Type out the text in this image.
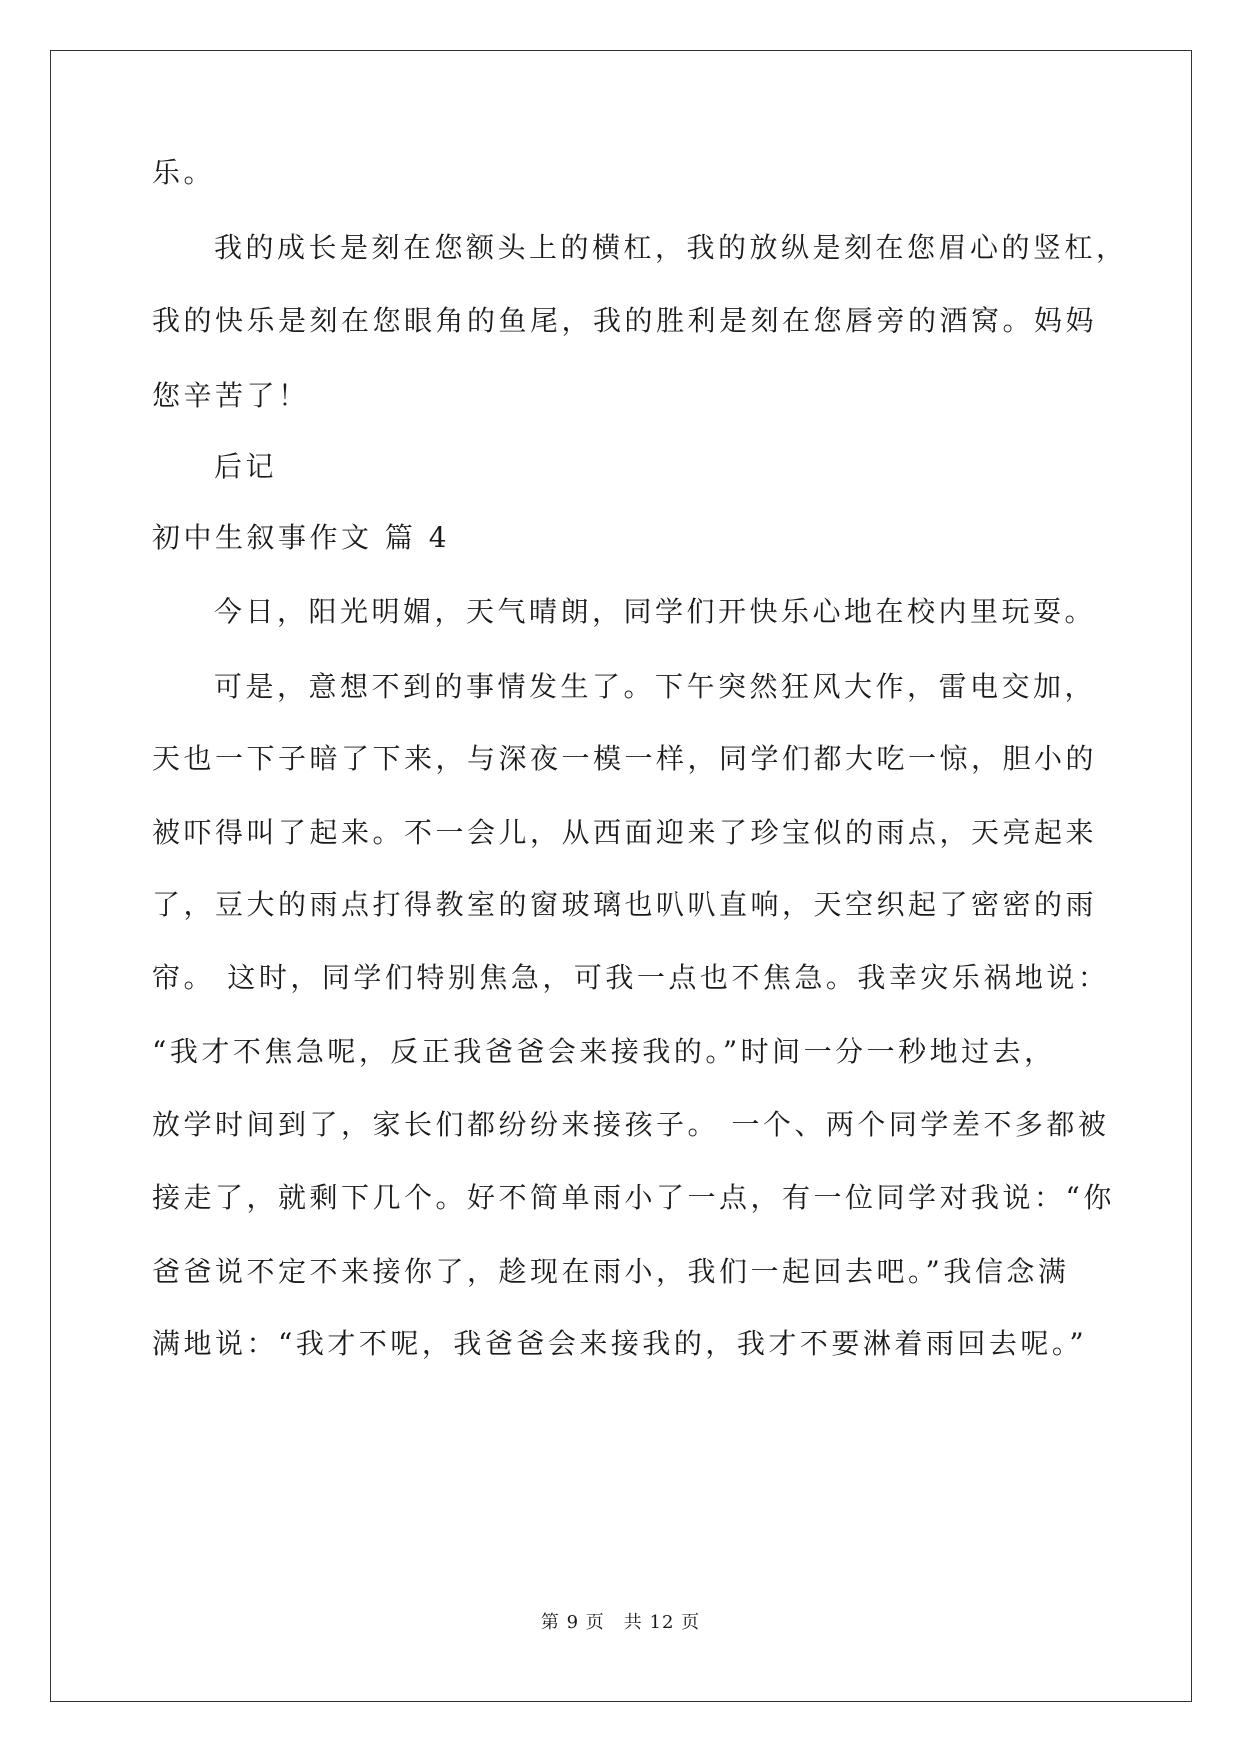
乐。
我的成长是刻在您额头上的横杠，我的放纵是刻在您眉心的竖杠，
我的快乐是刻在您眼角的鱼尾，我的胜利是刻在您唇旁的酒窝。妈妈
您辛苦了！
后记
初中生叙事作文 篇 4
今日，阳光明媚，天气晴朗，同学们开快乐心地在校内里玩耍。
可是，意想不到的事情发生了。下午突然狂风大作，雷电交加，
天也一下子暗了下来，与深夜一模一样，同学们都大吃一惊，胆小的
被吓得叫了起来。不一会儿，从西面迎来了珍宝似的雨点，天亮起来
了，豆大的雨点打得教室的窗玻璃也叭叭直响，天空织起了密密的雨
帘。 这时，同学们特别焦急，可我一点也不焦急。我幸灾乐祸地说：
“我才不焦急呢，反正我爸爸会来接我的。”时间一分一秒地过去，
放学时间到了，家长们都纷纷来接孩子。 一个、两个同学差不多都被
接走了，就剩下几个。好不简单雨小了一点，有一位同学对我说：“你
爸爸说不定不来接你了，趁现在雨小，我们一起回去吧。”我信念满
满地说：“我才不呢，我爸爸会来接我的，我才不要淋着雨回去呢。”
第 9 页　共 12 页
